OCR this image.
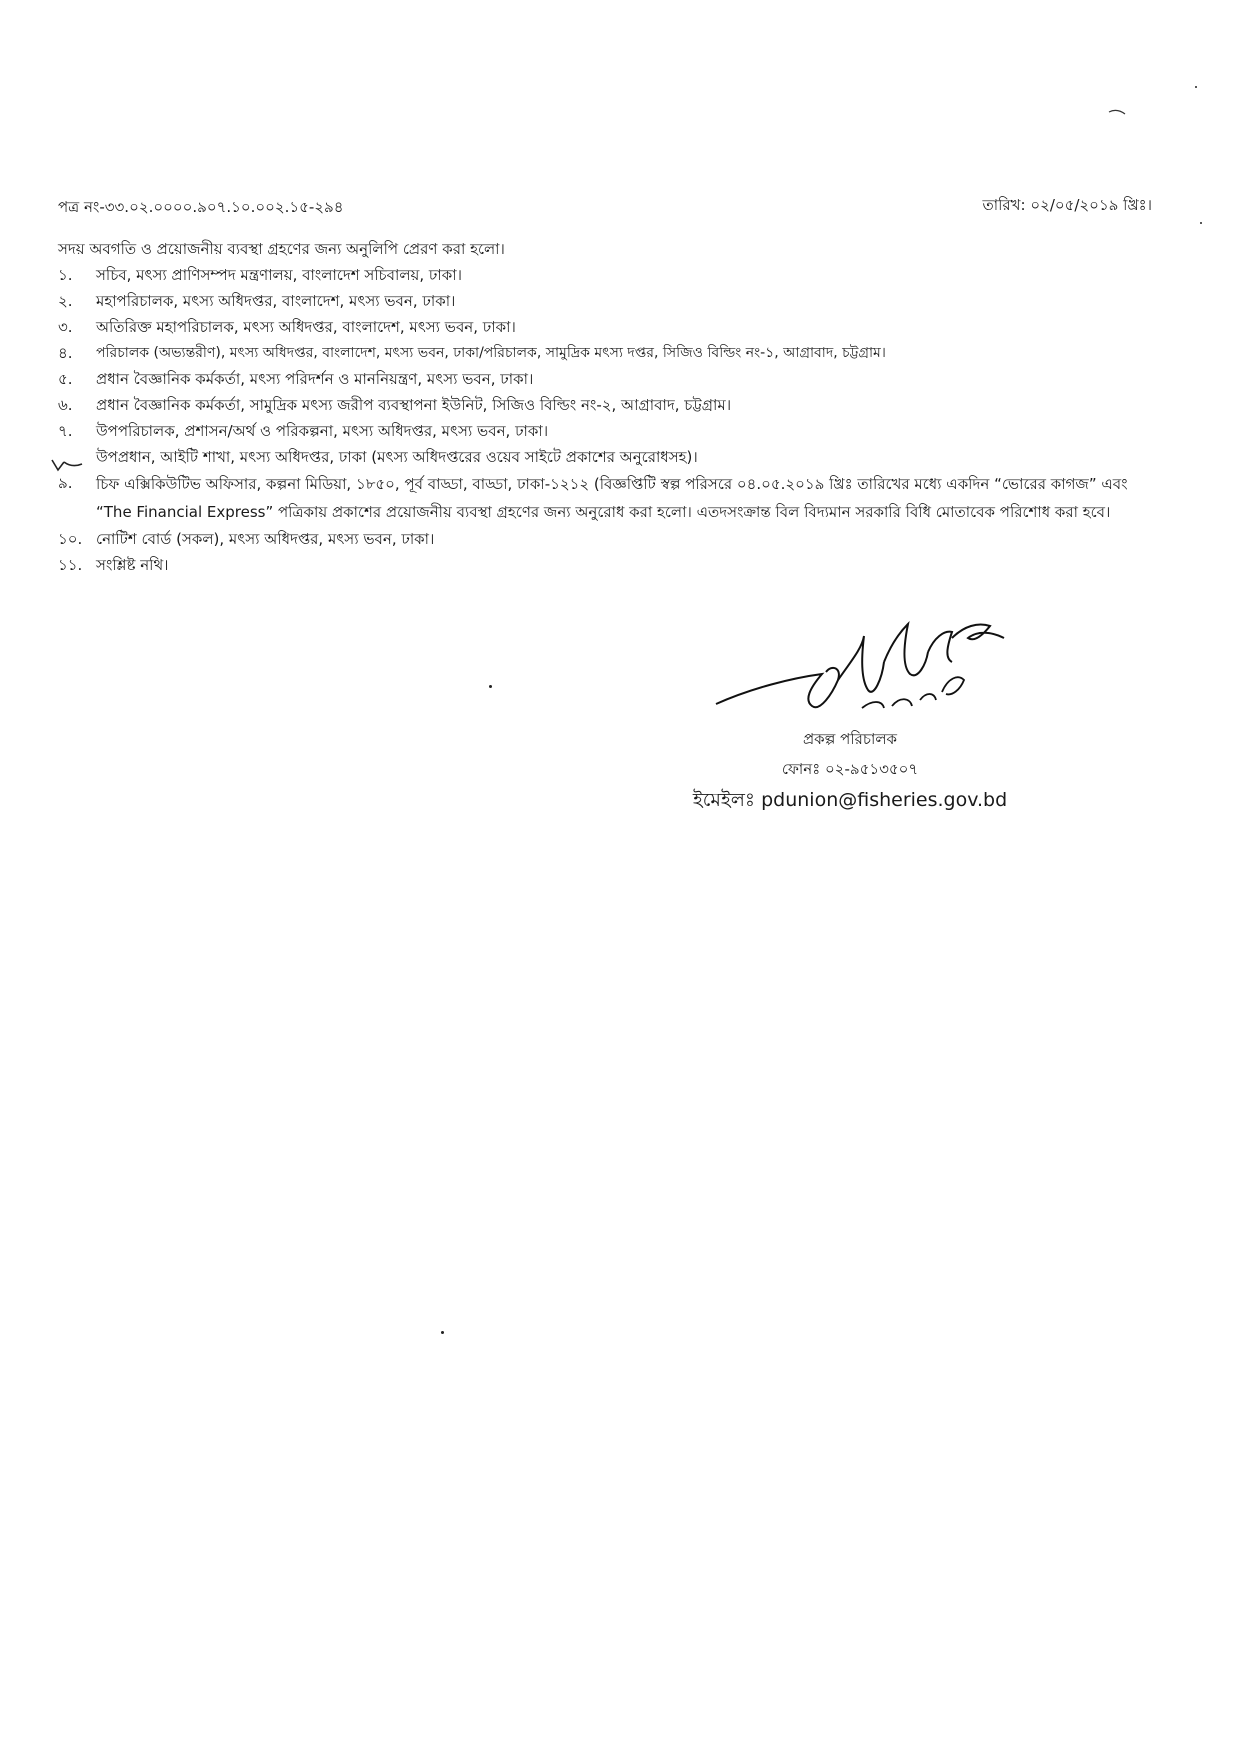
পত্র নং-৩৩.০২.০০০০.৯০৭.১০.০০২.১৫-২৯৪	তারিখ: ০২/০৫/২০১৯ খ্রিঃ।
সদয় অবগতি ও প্রয়োজনীয় ব্যবস্থা গ্রহণের জন্য অনুলিপি প্রেরণ করা হলো।
১.	সচিব, মৎস্য প্রাণিসম্পদ মন্ত্রণালয়, বাংলাদেশ সচিবালয়, ঢাকা।
২.	মহাপরিচালক, মৎস্য অধিদপ্তর, বাংলাদেশ, মৎস্য ভবন, ঢাকা।
৩.	অতিরিক্ত মহাপরিচালক, মৎস্য অধিদপ্তর, বাংলাদেশ, মৎস্য ভবন, ঢাকা।
৪.	পরিচালক (অভ্যন্তরীণ), মৎস্য অধিদপ্তর, বাংলাদেশ, মৎস্য ভবন, ঢাকা/পরিচালক, সামুদ্রিক মৎস্য দপ্তর, সিজিও বিল্ডিং নং-১, আগ্রাবাদ, চট্টগ্রাম।
৫.	প্রধান বৈজ্ঞানিক কর্মকর্তা, মৎস্য পরিদর্শন ও মাননিয়ন্ত্রণ, মৎস্য ভবন, ঢাকা।
৬.	প্রধান বৈজ্ঞানিক কর্মকর্তা, সামুদ্রিক মৎস্য জরীপ ব্যবস্থাপনা ইউনিট, সিজিও বিল্ডিং নং-২, আগ্রাবাদ, চট্টগ্রাম।
৭.	উপপরিচালক, প্রশাসন/অর্থ ও পরিকল্পনা, মৎস্য অধিদপ্তর, মৎস্য ভবন, ঢাকা।
উপপ্রধান, আইটি শাখা, মৎস্য অধিদপ্তর, ঢাকা (মৎস্য অধিদপ্তরের ওয়েব সাইটে প্রকাশের অনুরোধসহ)।
৯.	চিফ এক্সিকিউটিভ অফিসার, কল্পনা মিডিয়া, ১৮৫০, পূর্ব বাড্ডা, বাড্ডা, ঢাকা-১২১২ (বিজ্ঞপ্তিটি স্বল্প পরিসরে ০৪.০৫.২০১৯ খ্রিঃ তারিখের মধ্যে একদিন “ভোরের কাগজ” এবং “The Financial Express” পত্রিকায় প্রকাশের প্রয়োজনীয় ব্যবস্থা গ্রহণের জন্য অনুরোধ করা হলো। এতদসংক্রান্ত বিল বিদ্যমান সরকারি বিধি মোতাবেক পরিশোধ করা হবে।
১০. নোটিশ বোর্ড (সকল), মৎস্য অধিদপ্তর, মৎস্য ভবন, ঢাকা।
১১. সংশ্লিষ্ট নথি।
প্রকল্প পরিচালক
ফোনঃ ০২-৯৫১৩৫০৭
ইমেইলঃ pdunion@fisheries.gov.bd
